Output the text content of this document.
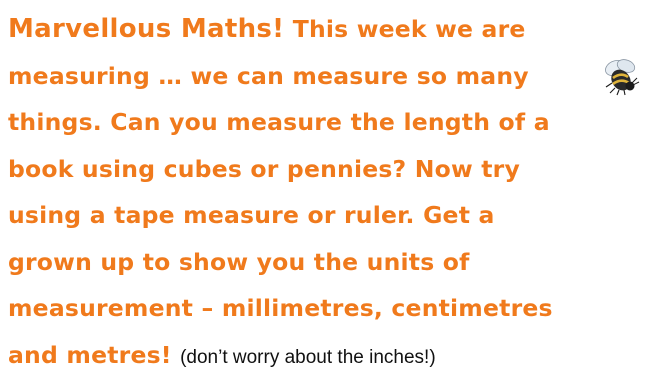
Marvellous Maths! This week we are
measuring … we can measure so many
things. Can you measure the length of a
book using cubes or pennies? Now try
using a tape measure or ruler. Get a
grown up to show you the units of
measurement – millimetres, centimetres
and metres! (don’t worry about the inches!)
